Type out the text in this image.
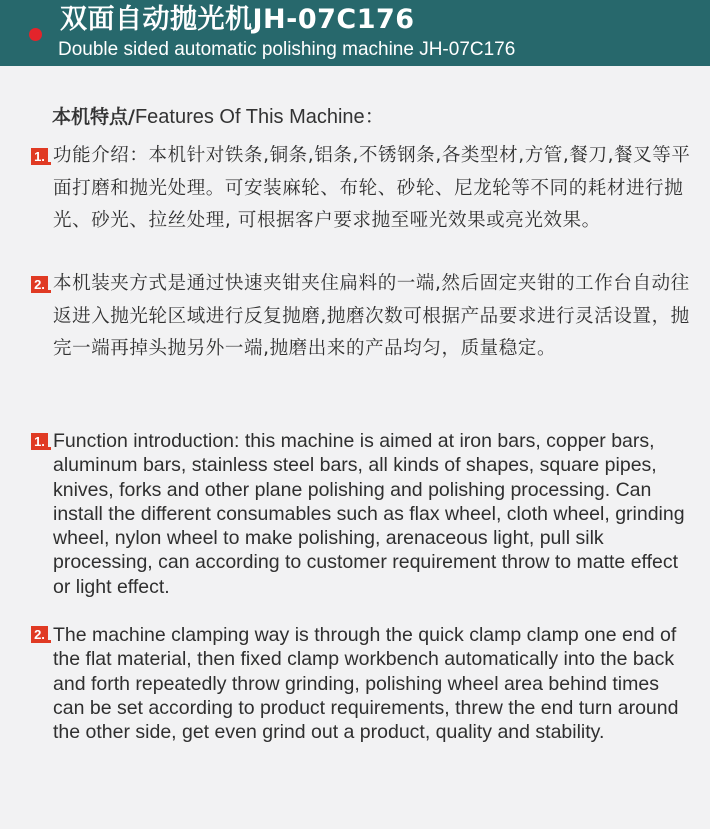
双面自动抛光机JH-07C176
Double sided automatic polishing machine JH-07C176
本机特点/Features Of This Machine：
1. 功能介绍：本机针对铁条,铜条,铝条,不锈钢条,各类型材,方管,餐刀,餐叉等平面打磨和抛光处理。可安装麻轮、布轮、砂轮、尼龙轮等不同的耗材进行抛光、砂光、拉丝处理, 可根据客户要求抛至哑光效果或亮光效果。
2. 本机装夹方式是通过快速夹钳夹住扁料的一端,然后固定夹钳的工作台自动往返进入抛光轮区域进行反复抛磨,抛磨次数可根据产品要求进行灵活设置，抛完一端再掉头抛另外一端,抛磨出来的产品均匀，质量稳定。
1. Function introduction: this machine is aimed at iron bars, copper bars, aluminum bars, stainless steel bars, all kinds of shapes, square pipes, knives, forks and other plane polishing and polishing processing. Can install the different consumables such as flax wheel, cloth wheel, grinding wheel, nylon wheel to make polishing, arenaceous light, pull silk processing, can according to customer requirement throw to matte effect or light effect.
2. The machine clamping way is through the quick clamp clamp one end of the flat material, then fixed clamp workbench automatically into the back and forth repeatedly throw grinding, polishing wheel area behind times can be set according to product requirements, threw the end turn around the other side, get even grind out a product, quality and stability.
